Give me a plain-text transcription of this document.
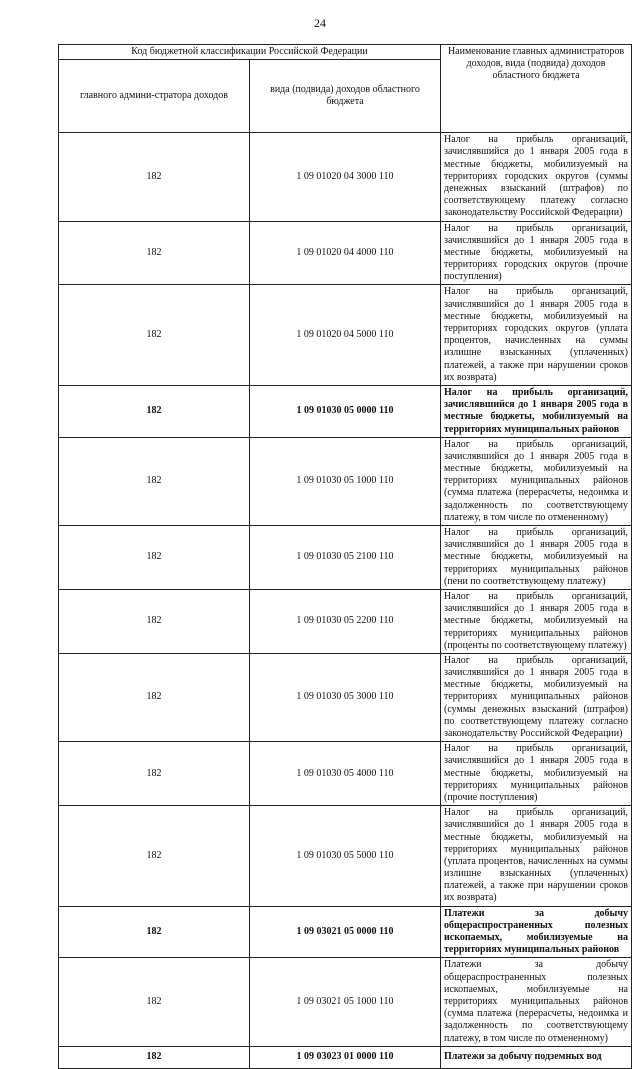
24
Код бюджетной классификации Российской Федерации		Наименование главных администраторов доходов, вида (подвида) доходов областного бюджета
главного админи-стратора доходов	вида (подвида) доходов областного бюджета	
182	1 09 01020 04 3000 110	Налог на прибыль организаций, зачислявшийся до 1 января 2005 года в местные бюджеты, мобилизуемый на территориях городских округов (суммы денежных взысканий (штрафов) по соответствующему платежу согласно законодательству Российской Федерации)
182	1 09 01020 04 4000 110	Налог на прибыль организаций, зачислявшийся до 1 января 2005 года в местные бюджеты, мобилизуемый на территориях городских округов (прочие поступления)
182	1 09 01020 04 5000 110	Налог на прибыль организаций, зачислявшийся до 1 января 2005 года в местные бюджеты, мобилизуемый на территориях городских округов (уплата процентов, начисленных на суммы излишне взысканных (уплаченных) платежей, а также при нарушении сроков их возврата)
182	1 09 01030 05 0000 110	Налог на прибыль организаций, зачислявшийся до 1 января 2005 года в местные бюджеты, мобилизуемый на территориях муниципальных районов
182	1 09 01030 05 1000 110	Налог на прибыль организаций, зачислявшийся до 1 января 2005 года в местные бюджеты, мобилизуемый на территориях муниципальных районов (сумма платежа (перерасчеты, недоимка и задолженность по соответствующему платежу, в том числе по отмененному)
182	1 09 01030 05 2100 110	Налог на прибыль организаций, зачислявшийся до 1 января 2005 года в местные бюджеты, мобилизуемый на территориях муниципальных районов (пени по соответствующему платежу)
182	1 09 01030 05 2200 110	Налог на прибыль организаций, зачислявшийся до 1 января 2005 года в местные бюджеты, мобилизуемый на территориях муниципальных районов (проценты по соответствующему платежу)
182	1 09 01030 05 3000 110	Налог на прибыль организаций, зачислявшийся до 1 января 2005 года в местные бюджеты, мобилизуемый на территориях муниципальных районов (суммы денежных взысканий (штрафов) по соответствующему платежу согласно законодательству Российской Федерации)
182	1 09 01030 05 4000 110	Налог на прибыль организаций, зачислявшийся до 1 января 2005 года в местные бюджеты, мобилизуемый на территориях муниципальных районов (прочие поступления)
182	1 09 01030 05 5000 110	Налог на прибыль организаций, зачислявшийся до 1 января 2005 года в местные бюджеты, мобилизуемый на территориях муниципальных районов (уплата процентов, начисленных на суммы излишне взысканных (уплаченных) платежей, а также при нарушении сроков их возврата)
182	1 09 03021 05 0000 110	Платежи за добычу общераспространенных полезных ископаемых, мобилизуемые на территориях муниципальных районов
182	1 09 03021 05 1000 110	Платежи за добычу общераспространенных полезных ископаемых, мобилизуемые на территориях муниципальных районов (сумма платежа (перерасчеты, недоимка и задолженность по соответствующему платежу, в том числе по отмененному)
182	1 09 03023 01 0000 110	Платежи за добычу подземных вод
